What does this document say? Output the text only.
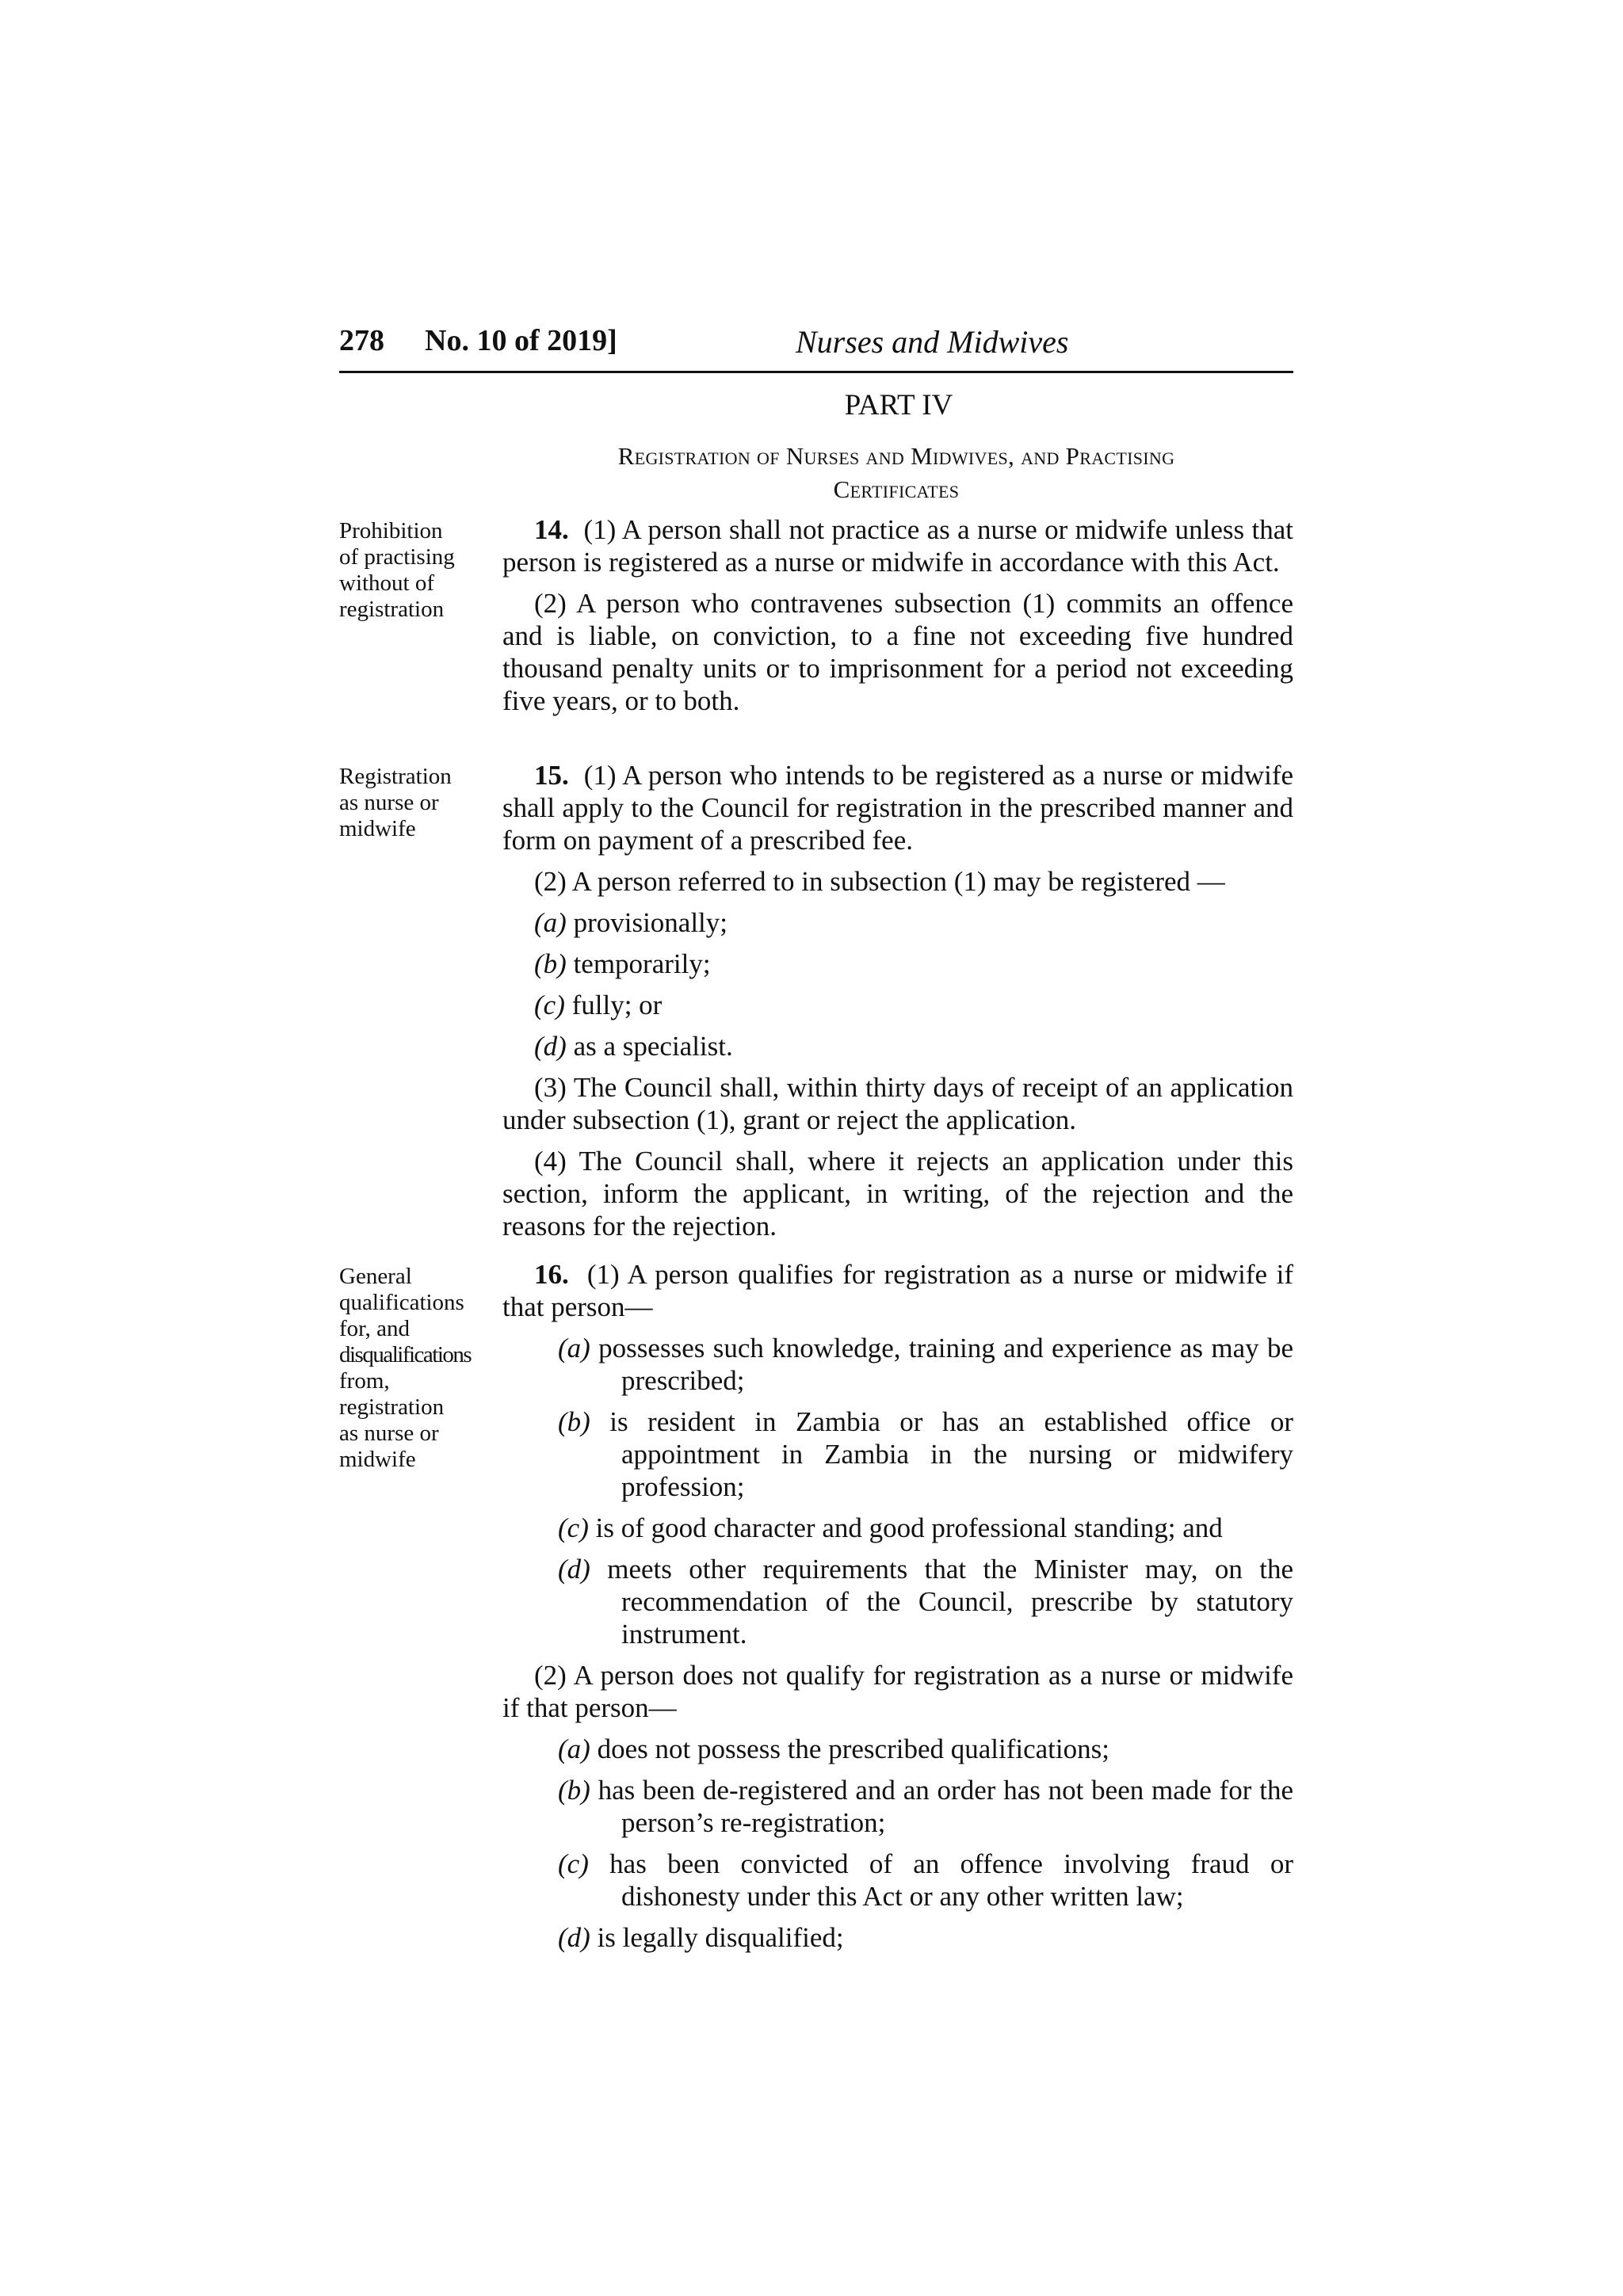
278 No. 10 of 2019]	Nurses and Midwives
PART IV
Registration of Nurses and Midwives, and Practising
Certificates
Prohibition
of practising
without of
registration
Registration
as nurse or
midwife
General
qualifications
for, and
disqualifications
from,
registration
as nurse or
midwife

14. (1) A person shall not practice as a nurse or midwife unless that person is registered as a nurse or midwife in accordance with this Act.

(2) A person who contravenes subsection (1) commits an offence and is liable, on conviction, to a fine not exceeding five hundred thousand penalty units or to imprisonment for a period not exceeding five years, or to both.

15. (1) A person who intends to be registered as a nurse or midwife shall apply to the Council for registration in the prescribed manner and form on payment of a prescribed fee.

(2) A person referred to in subsection (1) may be registered —

(a) provisionally;

(b) temporarily;

(c) fully; or

(d) as a specialist.

(3) The Council shall, within thirty days of receipt of an application under subsection (1), grant or reject the application.

(4) The Council shall, where it rejects an application under this section, inform the applicant, in writing, of the rejection and the reasons for the rejection.

16. (1) A person qualifies for registration as a nurse or midwife if that person—

(a) possesses such knowledge, training and experience as may be prescribed;

(b) is resident in Zambia or has an established office or appointment in Zambia in the nursing or midwifery profession;

(c) is of good character and good professional standing; and

(d) meets other requirements that the Minister may, on the recommendation of the Council, prescribe by statutory instrument.

(2) A person does not qualify for registration as a nurse or midwife if that person—

(a) does not possess the prescribed qualifications;

(b) has been de-registered and an order has not been made for the person’s re-registration;

(c) has been convicted of an offence involving fraud or dishonesty under this Act or any other written law;

(d) is legally disqualified;
